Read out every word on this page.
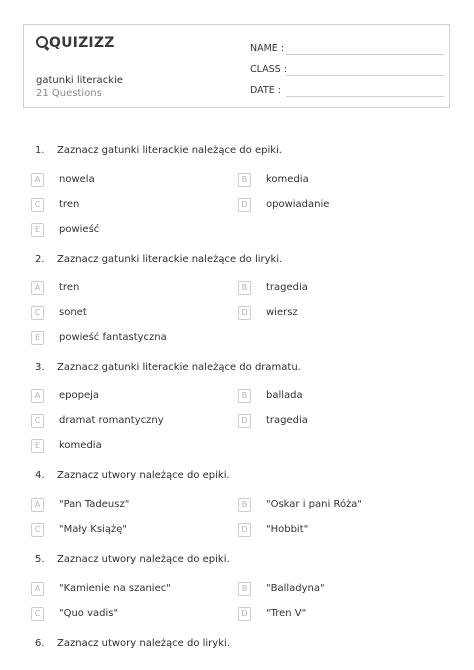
QUIZIZZ
gatunki literackie
21 Questions
NAME :
CLASS :
DATE :
1.	Zaznacz gatunki literackie należące do epiki.
A	nowela	B	komedia
C	tren	D	opowiadanie
E	powieść
2.	Zaznacz gatunki literackie należące do liryki.
A	tren	B	tragedia
C	sonet	D	wiersz
E	powieść fantastyczna
3.	Zaznacz gatunki literackie należące do dramatu.
A	epopeja	B	ballada
C	dramat romantyczny	D	tragedia
E	komedia
4.	Zaznacz utwory należące do epiki.
A	"Pan Tadeusz"	B	"Oskar i pani Róża"
C	"Mały Książę"	D	"Hobbit"
5.	Zaznacz utwory należące do epiki.
A	"Kamienie na szaniec"	B	"Balladyna"
C	"Quo vadis"	D	"Tren V"
6.	Zaznacz utwory należące do liryki.
